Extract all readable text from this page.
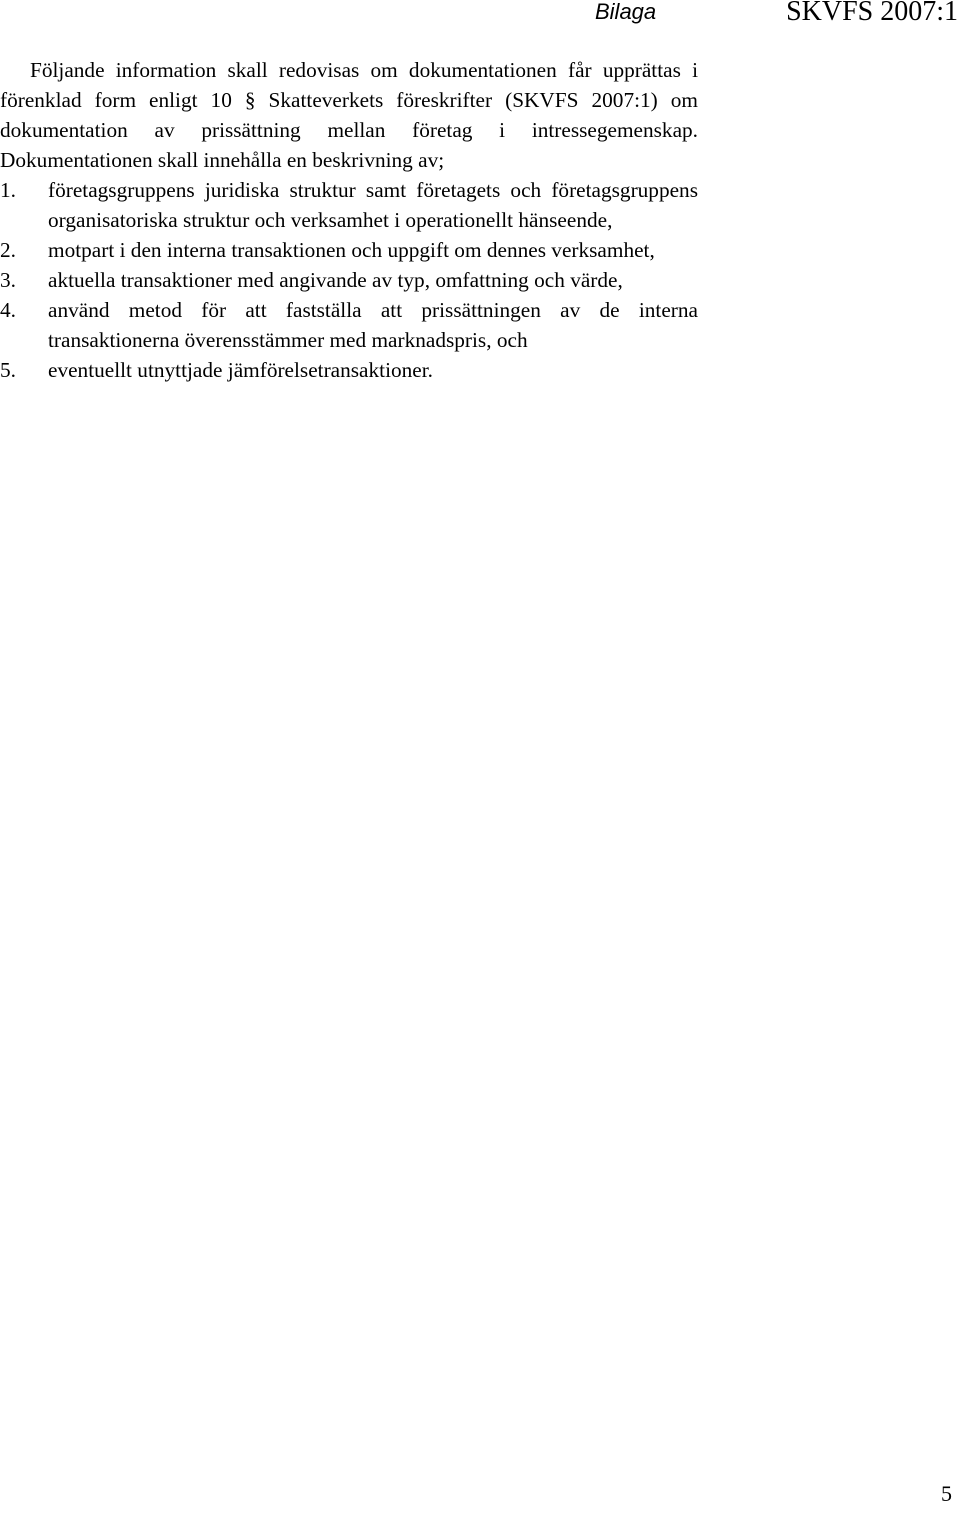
Bilaga	SKVFS 2007:1

Följande information skall redovisas om dokumentationen får upprättas i förenklad form enligt 10 § Skatteverkets föreskrifter (SKVFS 2007:1) om dokumentation av prissättning mellan företag i intressegemenskap. Dokumentationen skall innehålla en beskrivning av;

1. företagsgruppens juridiska struktur samt företagets och företagsgruppens organisatoriska struktur och verksamhet i operationellt hänseende,
2. motpart i den interna transaktionen och uppgift om dennes verksamhet,
3. aktuella transaktioner med angivande av typ, omfattning och värde,
4. använd metod för att fastställa att prissättningen av de interna transaktionerna överensstämmer med marknadspris, och
5. eventuellt utnyttjade jämförelsetransaktioner.
5
